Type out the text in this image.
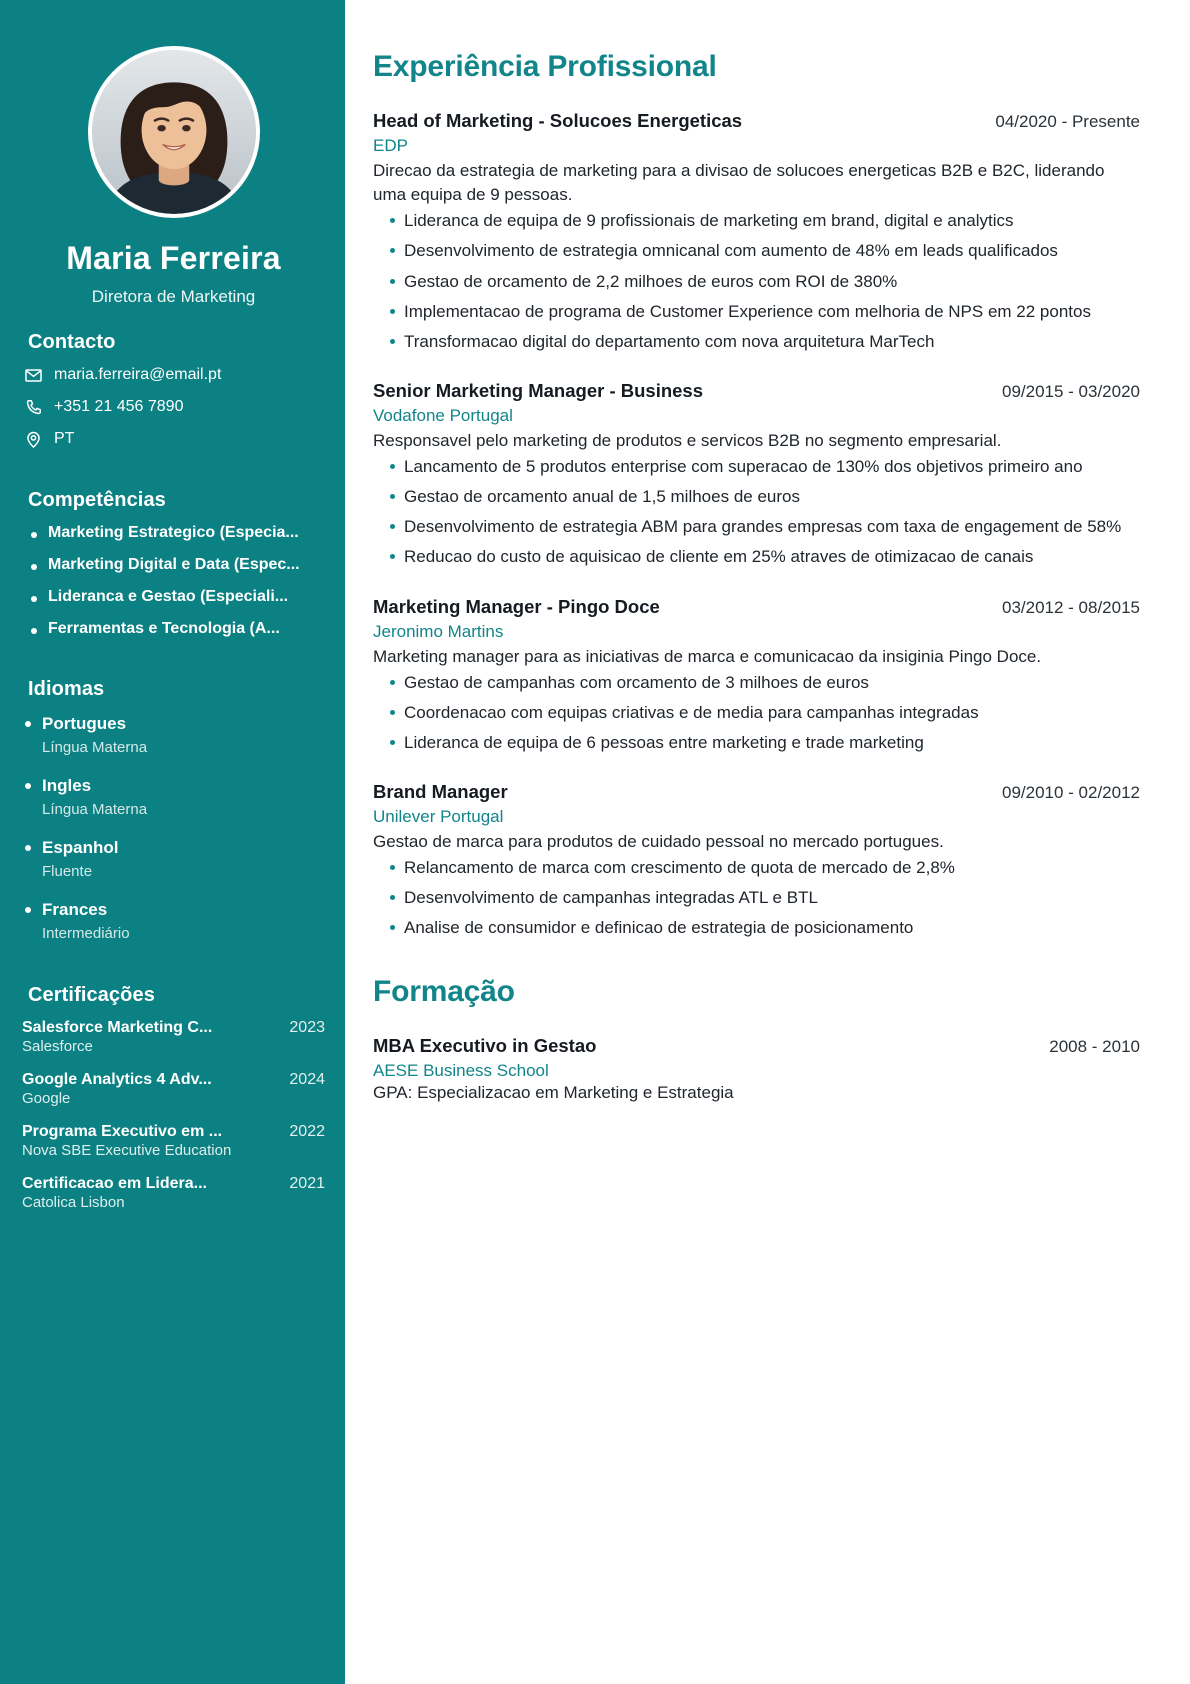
Maria Ferreira
Diretora de Marketing
Contacto
maria.ferreira@email.pt
+351 21 456 7890
PT
Competências
Marketing Estrategico (Especia...
Marketing Digital e Data (Espec...
Lideranca e Gestao (Especiali...
Ferramentas e Tecnologia (A...
Idiomas
Portugues
Língua Materna
Ingles
Língua Materna
Espanhol
Fluente
Frances
Intermediário
Certificações
Salesforce Marketing C...	2023
Salesforce
Google Analytics 4 Adv...	2024
Google
Programa Executivo em ...	2022
Nova SBE Executive Education
Certificacao em Lidera...	2021
Catolica Lisbon
Experiência Profissional
Head of Marketing - Solucoes Energeticas	04/2020 - Presente
EDP

Direcao da estrategia de marketing para a divisao de solucoes energeticas B2B e B2C, liderando uma equipa de 9 pessoas.

Lideranca de equipa de 9 profissionais de marketing em brand, digital e analytics
Desenvolvimento de estrategia omnicanal com aumento de 48% em leads qualificados
Gestao de orcamento de 2,2 milhoes de euros com ROI de 380%
Implementacao de programa de Customer Experience com melhoria de NPS em 22 pontos
Transformacao digital do departamento com nova arquitetura MarTech
Senior Marketing Manager - Business	09/2015 - 03/2020
Vodafone Portugal

Responsavel pelo marketing de produtos e servicos B2B no segmento empresarial.

Lancamento de 5 produtos enterprise com superacao de 130% dos objetivos primeiro ano
Gestao de orcamento anual de 1,5 milhoes de euros
Desenvolvimento de estrategia ABM para grandes empresas com taxa de engagement de 58%
Reducao do custo de aquisicao de cliente em 25% atraves de otimizacao de canais
Marketing Manager - Pingo Doce	03/2012 - 08/2015
Jeronimo Martins

Marketing manager para as iniciativas de marca e comunicacao da insiginia Pingo Doce.

Gestao de campanhas com orcamento de 3 milhoes de euros
Coordenacao com equipas criativas e de media para campanhas integradas
Lideranca de equipa de 6 pessoas entre marketing e trade marketing
Brand Manager	09/2010 - 02/2012
Unilever Portugal

Gestao de marca para produtos de cuidado pessoal no mercado portugues.

Relancamento de marca com crescimento de quota de mercado de 2,8%
Desenvolvimento de campanhas integradas ATL e BTL
Analise de consumidor e definicao de estrategia de posicionamento
Formação
MBA Executivo in Gestao	2008 - 2010
AESE Business School
GPA: Especializacao em Marketing e Estrategia
